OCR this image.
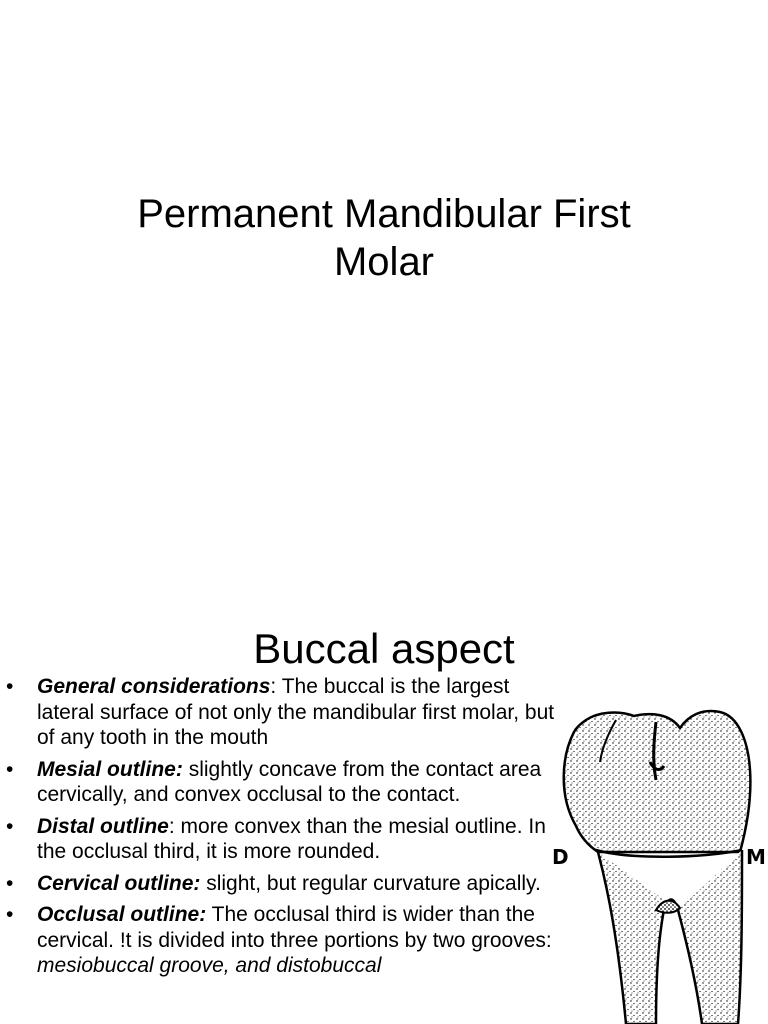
Permanent Mandibular First
Molar
Buccal aspect
• General considerations: The buccal is the largest lateral surface of not only the mandibular first molar, but of any tooth in the mouth
• Mesial outline: slightly concave from the contact area cervically, and convex occlusal to the contact.
• Distal outline: more convex than the mesial outline. In the occlusal third, it is more rounded.
• Cervical outline: slight, but regular curvature apically.
• Occlusal outline: The occlusal third is wider than the cervical. !t is divided into three portions by two grooves: mesiobuccal groove, and distobuccal
D	M
